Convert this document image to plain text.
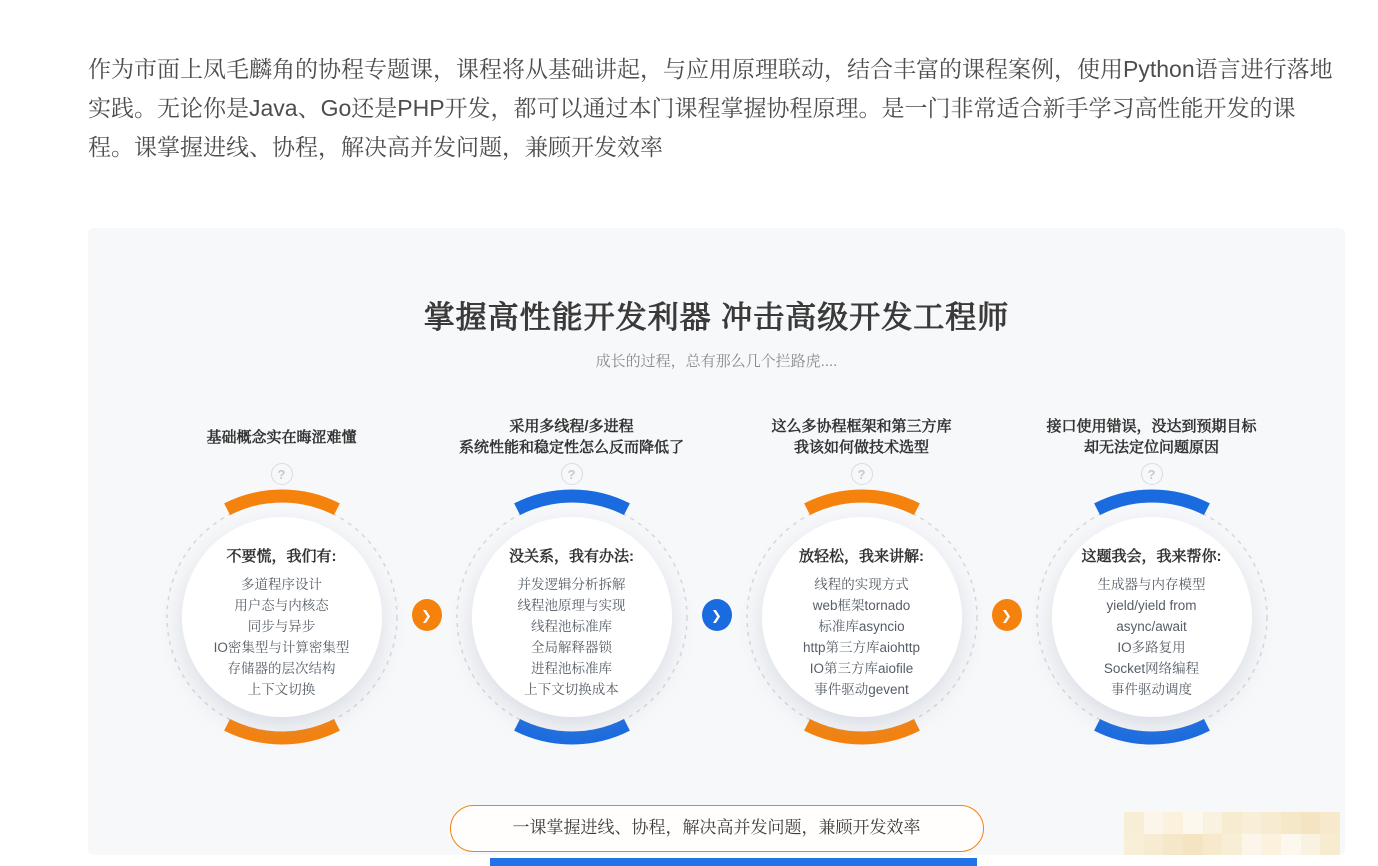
作为市面上凤毛麟角的协程专题课，课程将从基础讲起，与应用原理联动，结合丰富的课程案例，使用Python语言进行落地实践。无论你是Java、Go还是PHP开发，都可以通过本门课程掌握协程原理。是一门非常适合新手学习高性能开发的课程。课掌握进线、协程，解决高并发问题，兼顾开发效率

掌握高性能开发利器 冲击高级开发工程师
成长的过程，总有那么几个拦路虎....
基础概念实在晦涩难懂
?
不要慌，我们有:
多道程序设计
用户态与内核态
同步与异步
IO密集型与计算密集型
存储器的层次结构
上下文切换
❯
采用多线程/多进程
系统性能和稳定性怎么反而降低了
?
没关系，我有办法:
并发逻辑分析拆解
线程池原理与实现
线程池标准库
全局解释器锁
进程池标准库
上下文切换成本
❯
这么多协程框架和第三方库
我该如何做技术选型
?
放轻松，我来讲解:
线程的实现方式
web框架tornado
标准库asyncio
http第三方库aiohttp
IO第三方库aiofile
事件驱动gevent
❯
接口使用错误，没达到预期目标
却无法定位问题原因
?
这题我会，我来帮你:
生成器与内存模型
yield/yield from
async/await
IO多路复用
Socket网络编程
事件驱动调度
一课掌握进线、协程，解决高并发问题，兼顾开发效率
